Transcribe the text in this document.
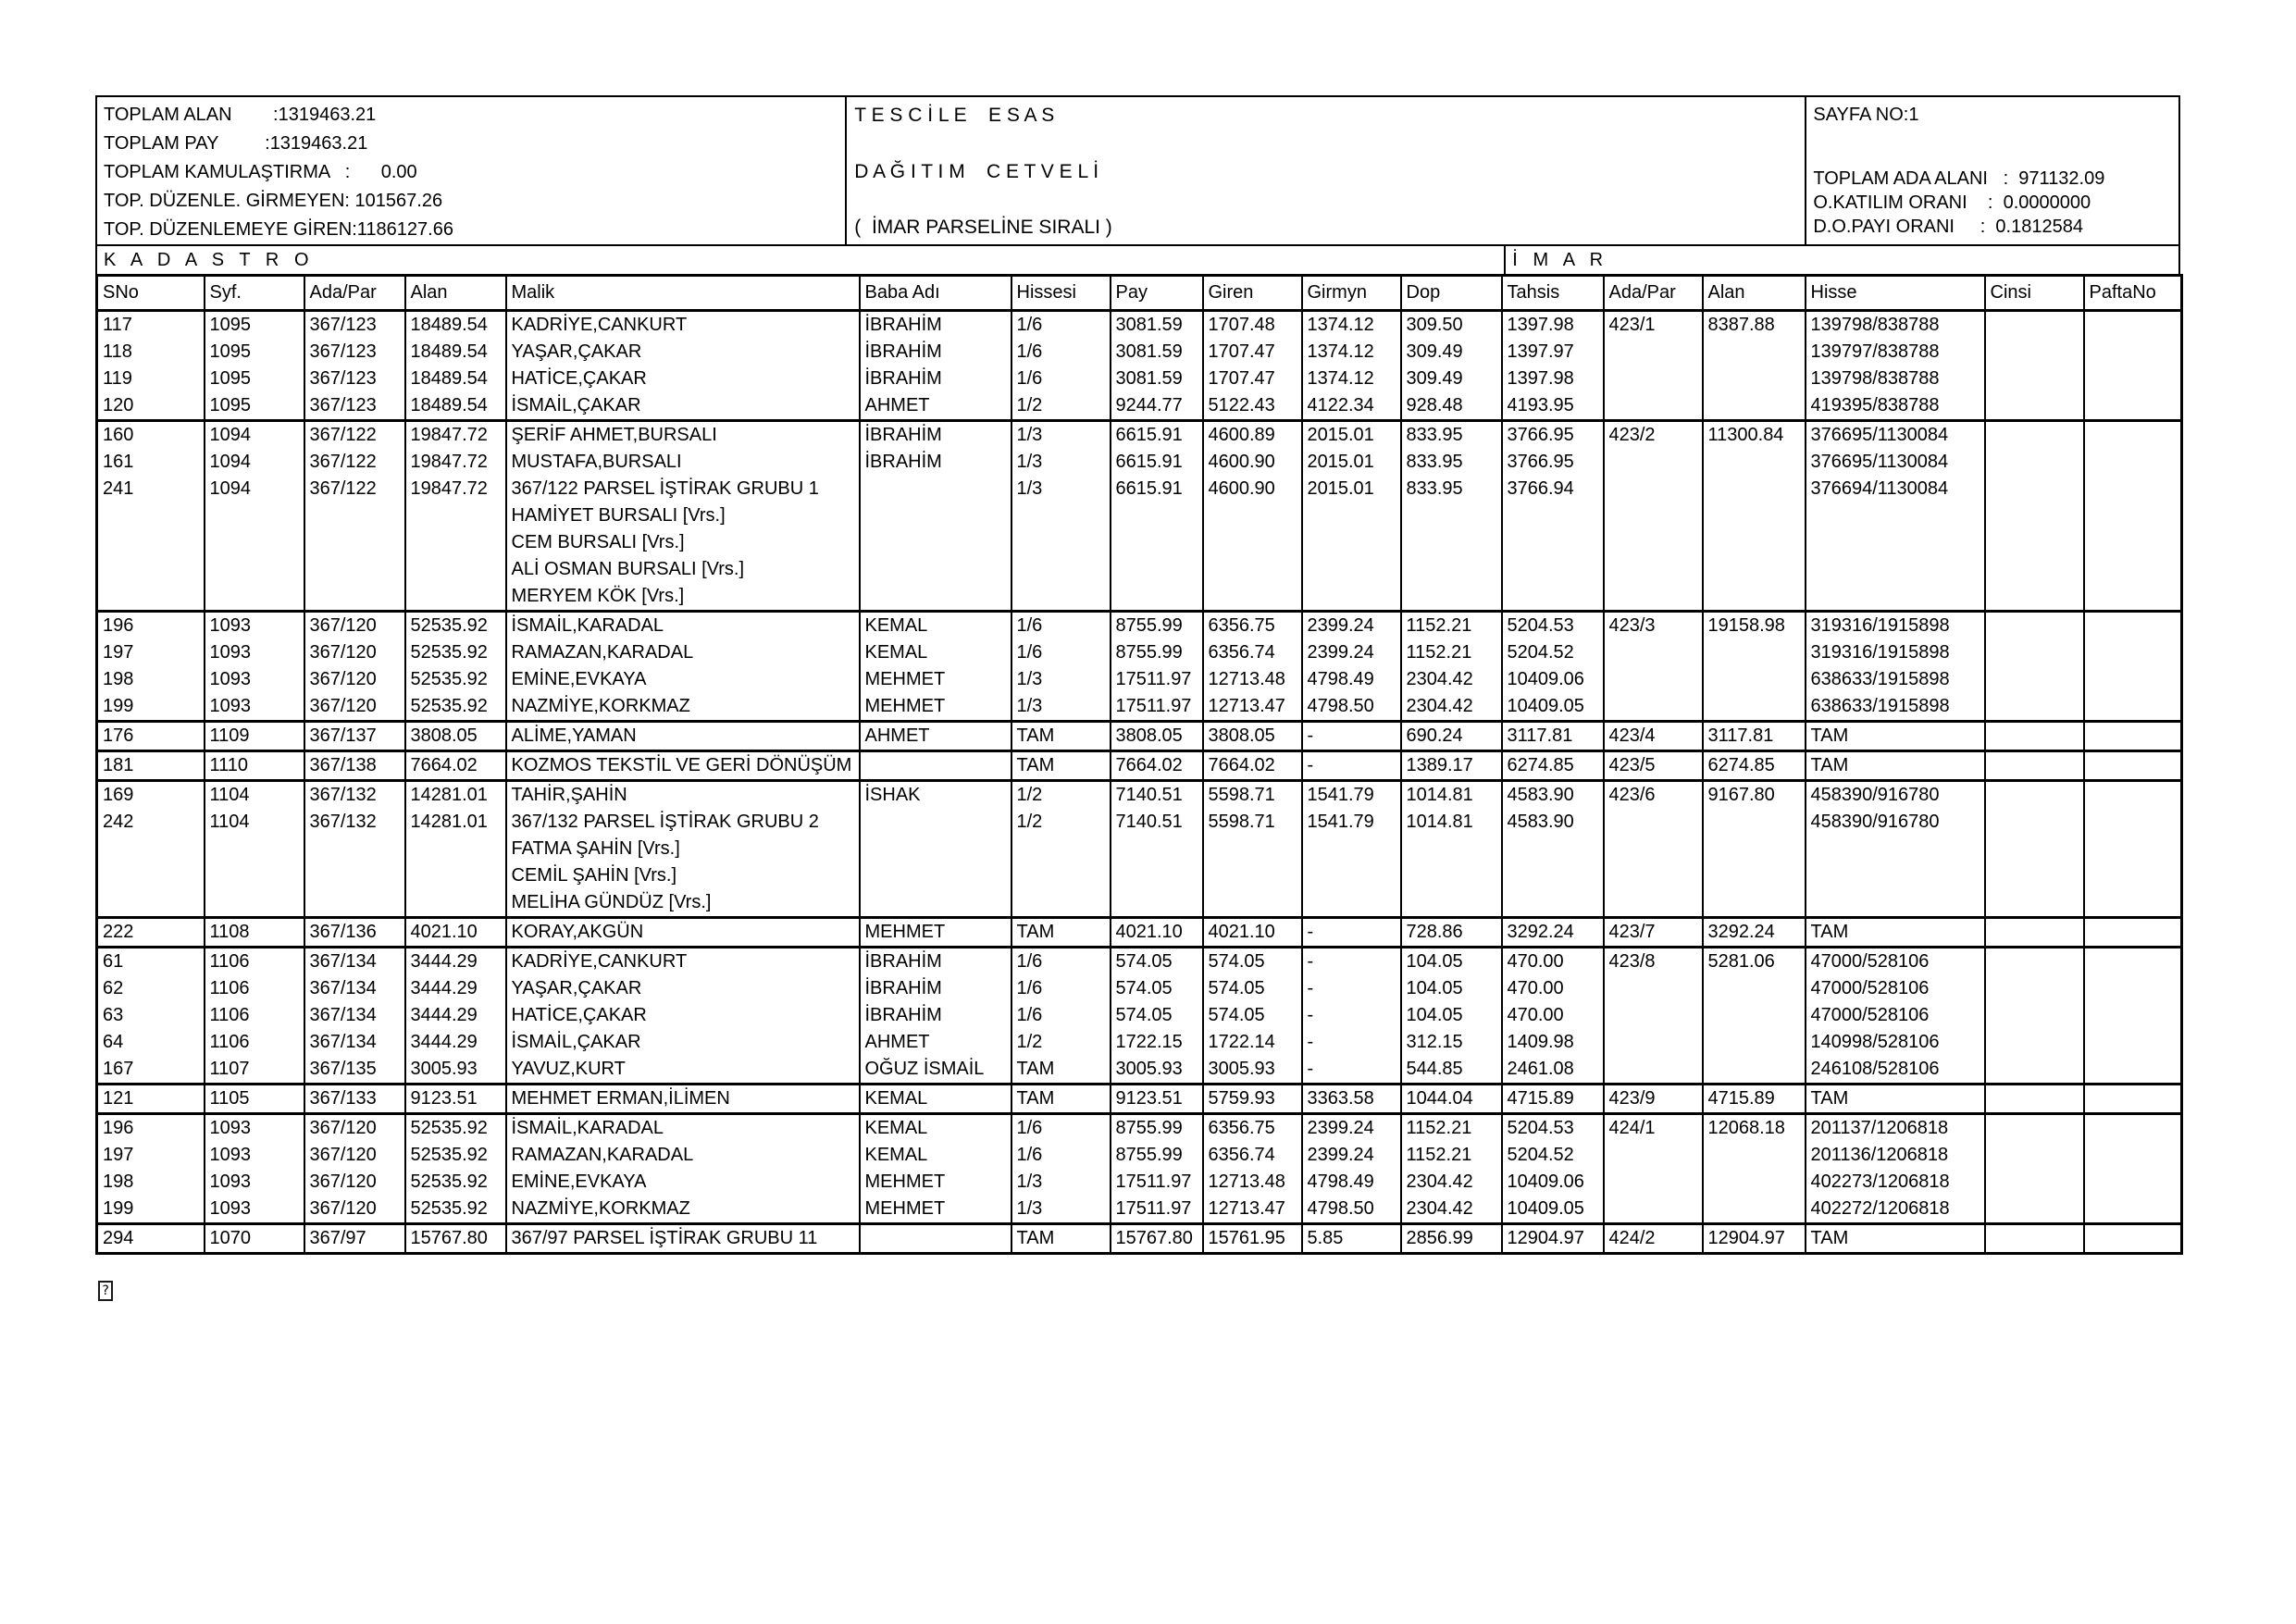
TOPLAM ALAN        :1319463.21
TOPLAM PAY         :1319463.21
TOPLAM KAMULAŞTIRMA   :      0.00
TOP. DÜZENLE. GİRMEYEN: 101567.26
TOP. DÜZENLEMEYE GİREN:1186127.66
T E S C İ L E    E S A S
D A Ğ I T I M    C E T V E L İ
(  İMAR PARSELİNE SIRALI )
SAYFA NO:1
TOPLAM ADA ALANI   :  971132.09
O.KATILIM ORANI    :  0.0000000
D.O.PAYI ORANI     :  0.1812584
K   A   D   A   S   T   R   O	İ   M   A   R
SNo	Syf.	Ada/Par	Alan	Malik	Baba Adı	Hissesi	Pay	Giren	Girmyn	Dop	Tahsis	Ada/Par	Alan	Hisse	Cinsi	PaftaNo
117	1095	367/123	18489.54	KADRİYE,CANKURT	İBRAHİM	1/6	3081.59	1707.48	1374.12	309.50	1397.98	423/1	8387.88	139798/838788		
118	1095	367/123	18489.54	YAŞAR,ÇAKAR	İBRAHİM	1/6	3081.59	1707.47	1374.12	309.49	1397.97			139797/838788		
119	1095	367/123	18489.54	HATİCE,ÇAKAR	İBRAHİM	1/6	3081.59	1707.47	1374.12	309.49	1397.98			139798/838788		
120	1095	367/123	18489.54	İSMAİL,ÇAKAR	AHMET	1/2	9244.77	5122.43	4122.34	928.48	4193.95			419395/838788		
160	1094	367/122	19847.72	ŞERİF AHMET,BURSALI	İBRAHİM	1/3	6615.91	4600.89	2015.01	833.95	3766.95	423/2	11300.84	376695/1130084		
161	1094	367/122	19847.72	MUSTAFA,BURSALI	İBRAHİM	1/3	6615.91	4600.90	2015.01	833.95	3766.95			376695/1130084		
241	1094	367/122	19847.72	367/122 PARSEL İŞTİRAK GRUBU 1
HAMİYET BURSALI [Vrs.]
CEM BURSALI [Vrs.]
ALİ OSMAN BURSALI [Vrs.]
MERYEM KÖK [Vrs.]		1/3	6615.91	4600.90	2015.01	833.95	3766.94			376694/1130084		
196	1093	367/120	52535.92	İSMAİL,KARADAL	KEMAL	1/6	8755.99	6356.75	2399.24	1152.21	5204.53	423/3	19158.98	319316/1915898		
197	1093	367/120	52535.92	RAMAZAN,KARADAL	KEMAL	1/6	8755.99	6356.74	2399.24	1152.21	5204.52			319316/1915898		
198	1093	367/120	52535.92	EMİNE,EVKAYA	MEHMET	1/3	17511.97	12713.48	4798.49	2304.42	10409.06			638633/1915898		
199	1093	367/120	52535.92	NAZMİYE,KORKMAZ	MEHMET	1/3	17511.97	12713.47	4798.50	2304.42	10409.05			638633/1915898		
176	1109	367/137	3808.05	ALİME,YAMAN	AHMET	TAM	3808.05	3808.05	-	690.24	3117.81	423/4	3117.81	TAM		
181	1110	367/138	7664.02	KOZMOS TEKSTİL VE GERİ DÖNÜŞÜM		TAM	7664.02	7664.02	-	1389.17	6274.85	423/5	6274.85	TAM		
169	1104	367/132	14281.01	TAHİR,ŞAHİN	İSHAK	1/2	7140.51	5598.71	1541.79	1014.81	4583.90	423/6	9167.80	458390/916780		
242	1104	367/132	14281.01	367/132 PARSEL İŞTİRAK GRUBU 2
FATMA ŞAHİN [Vrs.]
CEMİL ŞAHİN [Vrs.]
MELİHA GÜNDÜZ [Vrs.]		1/2	7140.51	5598.71	1541.79	1014.81	4583.90			458390/916780		
222	1108	367/136	4021.10	KORAY,AKGÜN	MEHMET	TAM	4021.10	4021.10	-	728.86	3292.24	423/7	3292.24	TAM		
61	1106	367/134	3444.29	KADRİYE,CANKURT	İBRAHİM	1/6	574.05	574.05	-	104.05	470.00	423/8	5281.06	47000/528106		
62	1106	367/134	3444.29	YAŞAR,ÇAKAR	İBRAHİM	1/6	574.05	574.05	-	104.05	470.00			47000/528106		
63	1106	367/134	3444.29	HATİCE,ÇAKAR	İBRAHİM	1/6	574.05	574.05	-	104.05	470.00			47000/528106		
64	1106	367/134	3444.29	İSMAİL,ÇAKAR	AHMET	1/2	1722.15	1722.14	-	312.15	1409.98			140998/528106		
167	1107	367/135	3005.93	YAVUZ,KURT	OĞUZ İSMAİL	TAM	3005.93	3005.93	-	544.85	2461.08			246108/528106		
121	1105	367/133	9123.51	MEHMET ERMAN,İLİMEN	KEMAL	TAM	9123.51	5759.93	3363.58	1044.04	4715.89	423/9	4715.89	TAM		
196	1093	367/120	52535.92	İSMAİL,KARADAL	KEMAL	1/6	8755.99	6356.75	2399.24	1152.21	5204.53	424/1	12068.18	201137/1206818		
197	1093	367/120	52535.92	RAMAZAN,KARADAL	KEMAL	1/6	8755.99	6356.74	2399.24	1152.21	5204.52			201136/1206818		
198	1093	367/120	52535.92	EMİNE,EVKAYA	MEHMET	1/3	17511.97	12713.48	4798.49	2304.42	10409.06			402273/1206818		
199	1093	367/120	52535.92	NAZMİYE,KORKMAZ	MEHMET	1/3	17511.97	12713.47	4798.50	2304.42	10409.05			402272/1206818		
294	1070	367/97	15767.80	367/97 PARSEL İŞTİRAK GRUBU 11		TAM	15767.80	15761.95	5.85	2856.99	12904.97	424/2	12904.97	TAM		
?
